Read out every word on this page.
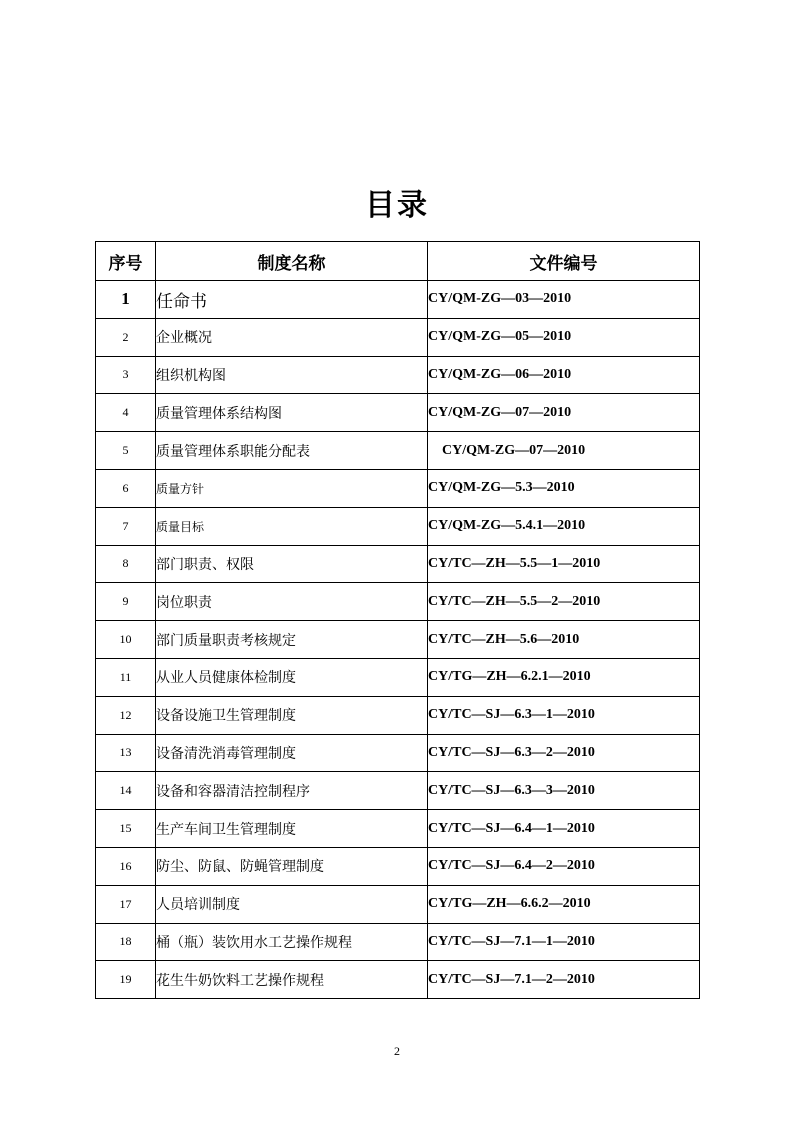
目录
序号	制度名称	文件编号
1	任命书	CY/QM-ZG—03—2010
2	企业概况	CY/QM-ZG—05—2010
3	组织机构图	CY/QM-ZG—06—2010
4	质量管理体系结构图	CY/QM-ZG—07—2010
5	质量管理体系职能分配表	CY/QM-ZG—07—2010
6	质量方针	CY/QM-ZG—5.3—2010
7	质量目标	CY/QM-ZG—5.4.1—2010
8	部门职责、权限	CY/TC—ZH—5.5—1—2010
9	岗位职责	CY/TC—ZH—5.5—2—2010
10	部门质量职责考核规定	CY/TC—ZH—5.6—2010
11	从业人员健康体检制度	CY/TG—ZH—6.2.1—2010
12	设备设施卫生管理制度	CY/TC—SJ—6.3—1—2010
13	设备清洗消毒管理制度	CY/TC—SJ—6.3—2—2010
14	设备和容器清洁控制程序	CY/TC—SJ—6.3—3—2010
15	生产车间卫生管理制度	CY/TC—SJ—6.4—1—2010
16	防尘、防鼠、防蝇管理制度	CY/TC—SJ—6.4—2—2010
17	人员培训制度	CY/TG—ZH—6.6.2—2010
18	桶（瓶）装饮用水工艺操作规程	CY/TC—SJ—7.1—1—2010
19	花生牛奶饮料工艺操作规程	CY/TC—SJ—7.1—2—2010
2
